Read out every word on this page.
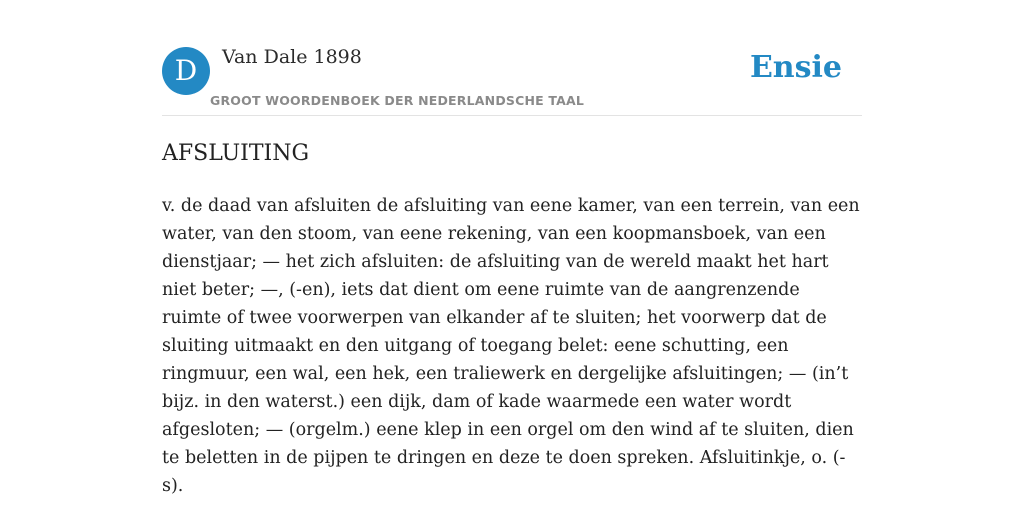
D	Van Dale 1898
GROOT WOORDENBOEK DER NEDERLANDSCHE TAAL
Ensie
AFSLUITING

v. de daad van afsluiten de afsluiting van eene kamer, van een terrein, van een water, van den stoom, van eene rekening, van een koopmansboek, van een dienstjaar; — het zich afsluiten: de afsluiting van de wereld maakt het hart niet beter; —, (-en), iets dat dient om eene ruimte van de aangrenzende ruimte of twee voorwerpen van elkander af te sluiten; het voorwerp dat de sluiting uitmaakt en den uitgang of toegang belet: eene schutting, een ringmuur, een wal, een hek, een traliewerk en dergelijke afsluitingen; — (in’t bijz. in den waterst.) een dijk, dam of kade waarmede een water wordt afgesloten; — (orgelm.) eene klep in een orgel om den wind af te sluiten, dien te beletten in de pijpen te dringen en deze te doen spreken. Afsluitinkje, o. (-s).
